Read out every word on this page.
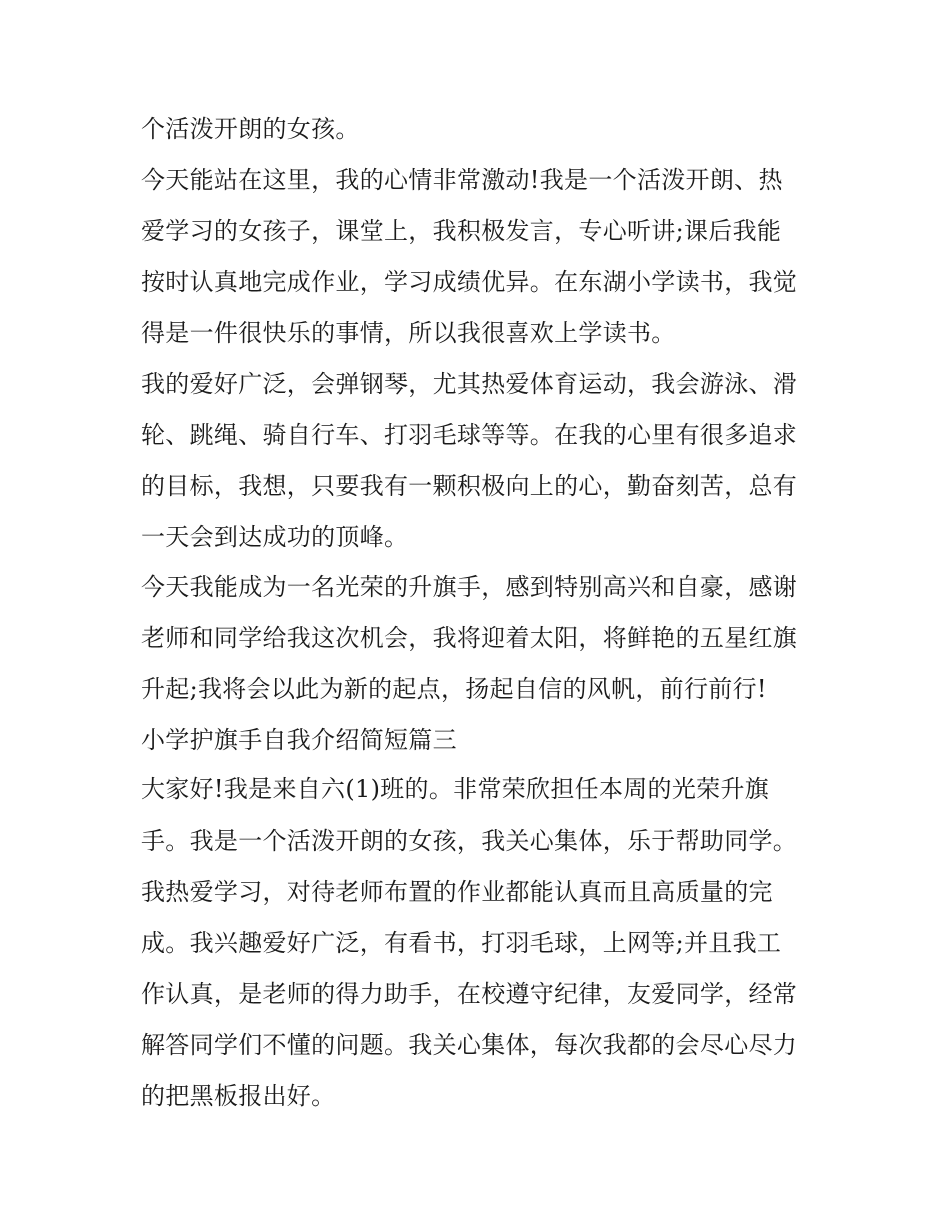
个活泼开朗的女孩。
今天能站在这里，我的心情非常激动!我是一个活泼开朗、热
爱学习的女孩子，课堂上，我积极发言，专心听讲;课后我能
按时认真地完成作业，学习成绩优异。在东湖小学读书，我觉
得是一件很快乐的事情，所以我很喜欢上学读书。
我的爱好广泛，会弹钢琴，尤其热爱体育运动，我会游泳、滑
轮、跳绳、骑自行车、打羽毛球等等。在我的心里有很多追求
的目标，我想，只要我有一颗积极向上的心，勤奋刻苦，总有
一天会到达成功的顶峰。
今天我能成为一名光荣的升旗手，感到特别高兴和自豪，感谢
老师和同学给我这次机会，我将迎着太阳，将鲜艳的五星红旗
升起;我将会以此为新的起点，扬起自信的风帆，前行前行!
小学护旗手自我介绍简短篇三
大家好!我是来自六(1)班的。非常荣欣担任本周的光荣升旗
手。我是一个活泼开朗的女孩，我关心集体，乐于帮助同学。
我热爱学习，对待老师布置的作业都能认真而且高质量的完
成。我兴趣爱好广泛，有看书，打羽毛球，上网等;并且我工
作认真，是老师的得力助手，在校遵守纪律，友爱同学，经常
解答同学们不懂的问题。我关心集体，每次我都的会尽心尽力
的把黑板报出好。
